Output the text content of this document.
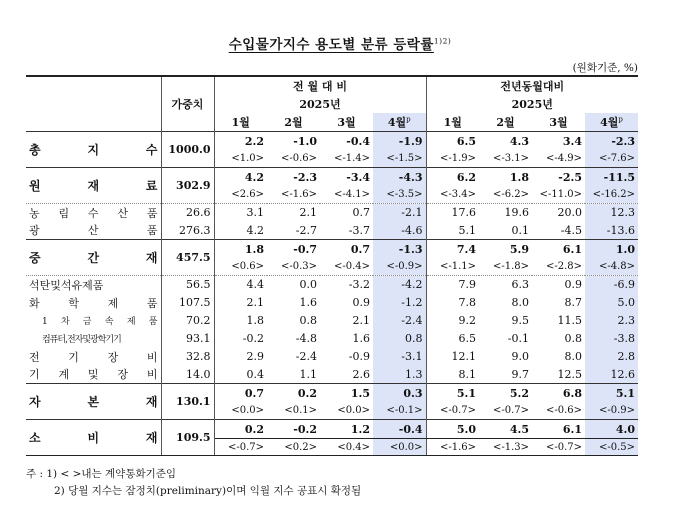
수입물가지수 용도별 분류 등락률$^{1)2)}$
(원화기준, %)
	가중치	전 월 대 비				전년동월대비			
		2025년				2025년			
		1월	2월	3월	4월$^p$	1월	2월	3월	4월$^p$
총 지 수	1000.0	2.2	-1.0	-0.4	-1.9	6.5	4.3	3.4	-2.3
		<1.0>	<-0.6>	<-1.4>	<-1.5>	<-1.9>	<-3.1>	<-4.9>	<-7.6>
원 재 료	302.9	4.2	-2.3	-3.4	-4.3	6.2	1.8	-2.5	-11.5
		<2.6>	<-1.6>	<-4.1>	<-3.5>	<-3.4>	<-6.2>	<-11.0>	<-16.2>
농 림 수 산 품	26.6	3.1	2.1	0.7	-2.1	17.6	19.6	20.0	12.3
광 산 품	276.3	4.2	-2.7	-3.7	-4.6	5.1	0.1	-4.5	-13.6
중 간 재	457.5	1.8	-0.7	0.7	-1.3	7.4	5.9	6.1	1.0
		<0.6>	<-0.3>	<-0.4>	<-0.9>	<-1.1>	<-1.8>	<-2.8>	<-4.8>
석탄및석유제품	56.5	4.4	0.0	-3.2	-4.2	7.9	6.3	0.9	-6.9
화 학 제 품	107.5	2.1	1.6	0.9	-1.2	7.8	8.0	8.7	5.0
1 차 금 속 제 품	70.2	1.8	0.8	2.1	-2.4	9.2	9.5	11.5	2.3
컴퓨터,전자및광학기기	93.1	-0.2	-4.8	1.6	0.8	6.5	-0.1	0.8	-3.8
전 기 장 비	32.8	2.9	-2.4	-0.9	-3.1	12.1	9.0	8.0	2.8
기 계 및 장 비	14.0	0.4	1.1	2.6	1.3	8.1	9.7	12.5	12.6
자 본 재	130.1	0.7	0.2	1.5	0.3	5.1	5.2	6.8	5.1
		<0.0>	<0.1>	<0.0>	<-0.1>	<-0.7>	<-0.7>	<-0.6>	<-0.9>
소 비 재	109.5	0.2	-0.2	1.2	-0.4	5.0	4.5	6.1	4.0
		<-0.7>	<0.2>	<0.4>	<0.0>	<-1.6>	<-1.3>	<-0.7>	<-0.5>
주 : 1) < >내는 계약통화기준임
2) 당월 지수는 잠정치(preliminary)이며 익월 지수 공표시 확정됨
